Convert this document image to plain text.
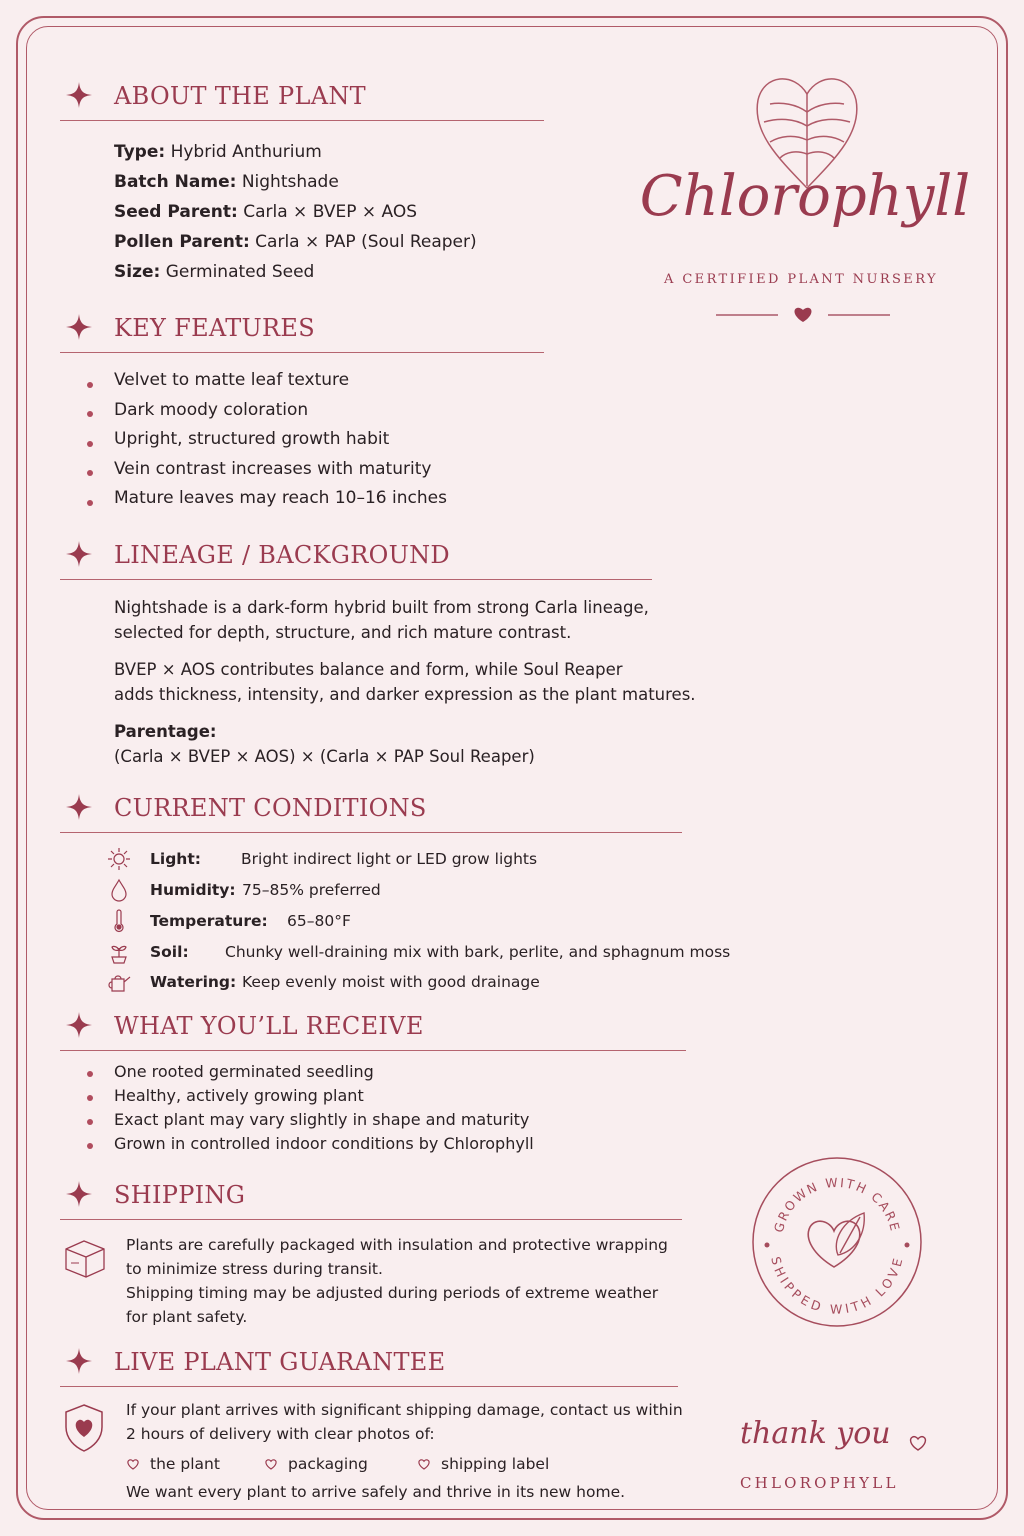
ABOUT THE PLANT
Type: Hybrid Anthurium
Batch Name: Nightshade
Seed Parent: Carla × BVEP × AOS
Pollen Parent: Carla × PAP (Soul Reaper)
Size: Germinated Seed
KEY FEATURES
Velvet to matte leaf texture
Dark moody coloration
Upright, structured growth habit
Vein contrast increases with maturity
Mature leaves may reach 10–16 inches
LINEAGE / BACKGROUND
Nightshade is a dark-form hybrid built from strong Carla lineage,
selected for depth, structure, and rich mature contrast.
BVEP × AOS contributes balance and form, while Soul Reaper
adds thickness, intensity, and darker expression as the plant matures.
Parentage:
(Carla × BVEP × AOS) × (Carla × PAP Soul Reaper)
CURRENT CONDITIONS
Light:	Bright indirect light or LED grow lights
Humidity: 75–85% preferred
Temperature: 65–80°F
Soil: Chunky well-draining mix with bark, perlite, and sphagnum moss
Watering: Keep evenly moist with good drainage
WHAT YOU’LL RECEIVE
One rooted germinated seedling
Healthy, actively growing plant
Exact plant may vary slightly in shape and maturity
Grown in controlled indoor conditions by Chlorophyll
SHIPPING
Plants are carefully packaged with insulation and protective wrapping
to minimize stress during transit.
Shipping timing may be adjusted during periods of extreme weather
for plant safety.
LIVE PLANT GUARANTEE
If your plant arrives with significant shipping damage, contact us within
2 hours of delivery with clear photos of:
the plant	packaging	shipping label
We want every plant to arrive safely and thrive in its new home.
Chlorophyll
A CERTIFIED PLANT NURSERY
GROWN WITH CARE
SHIPPED WITH LOVE
thank you
CHLOROPHYLL
